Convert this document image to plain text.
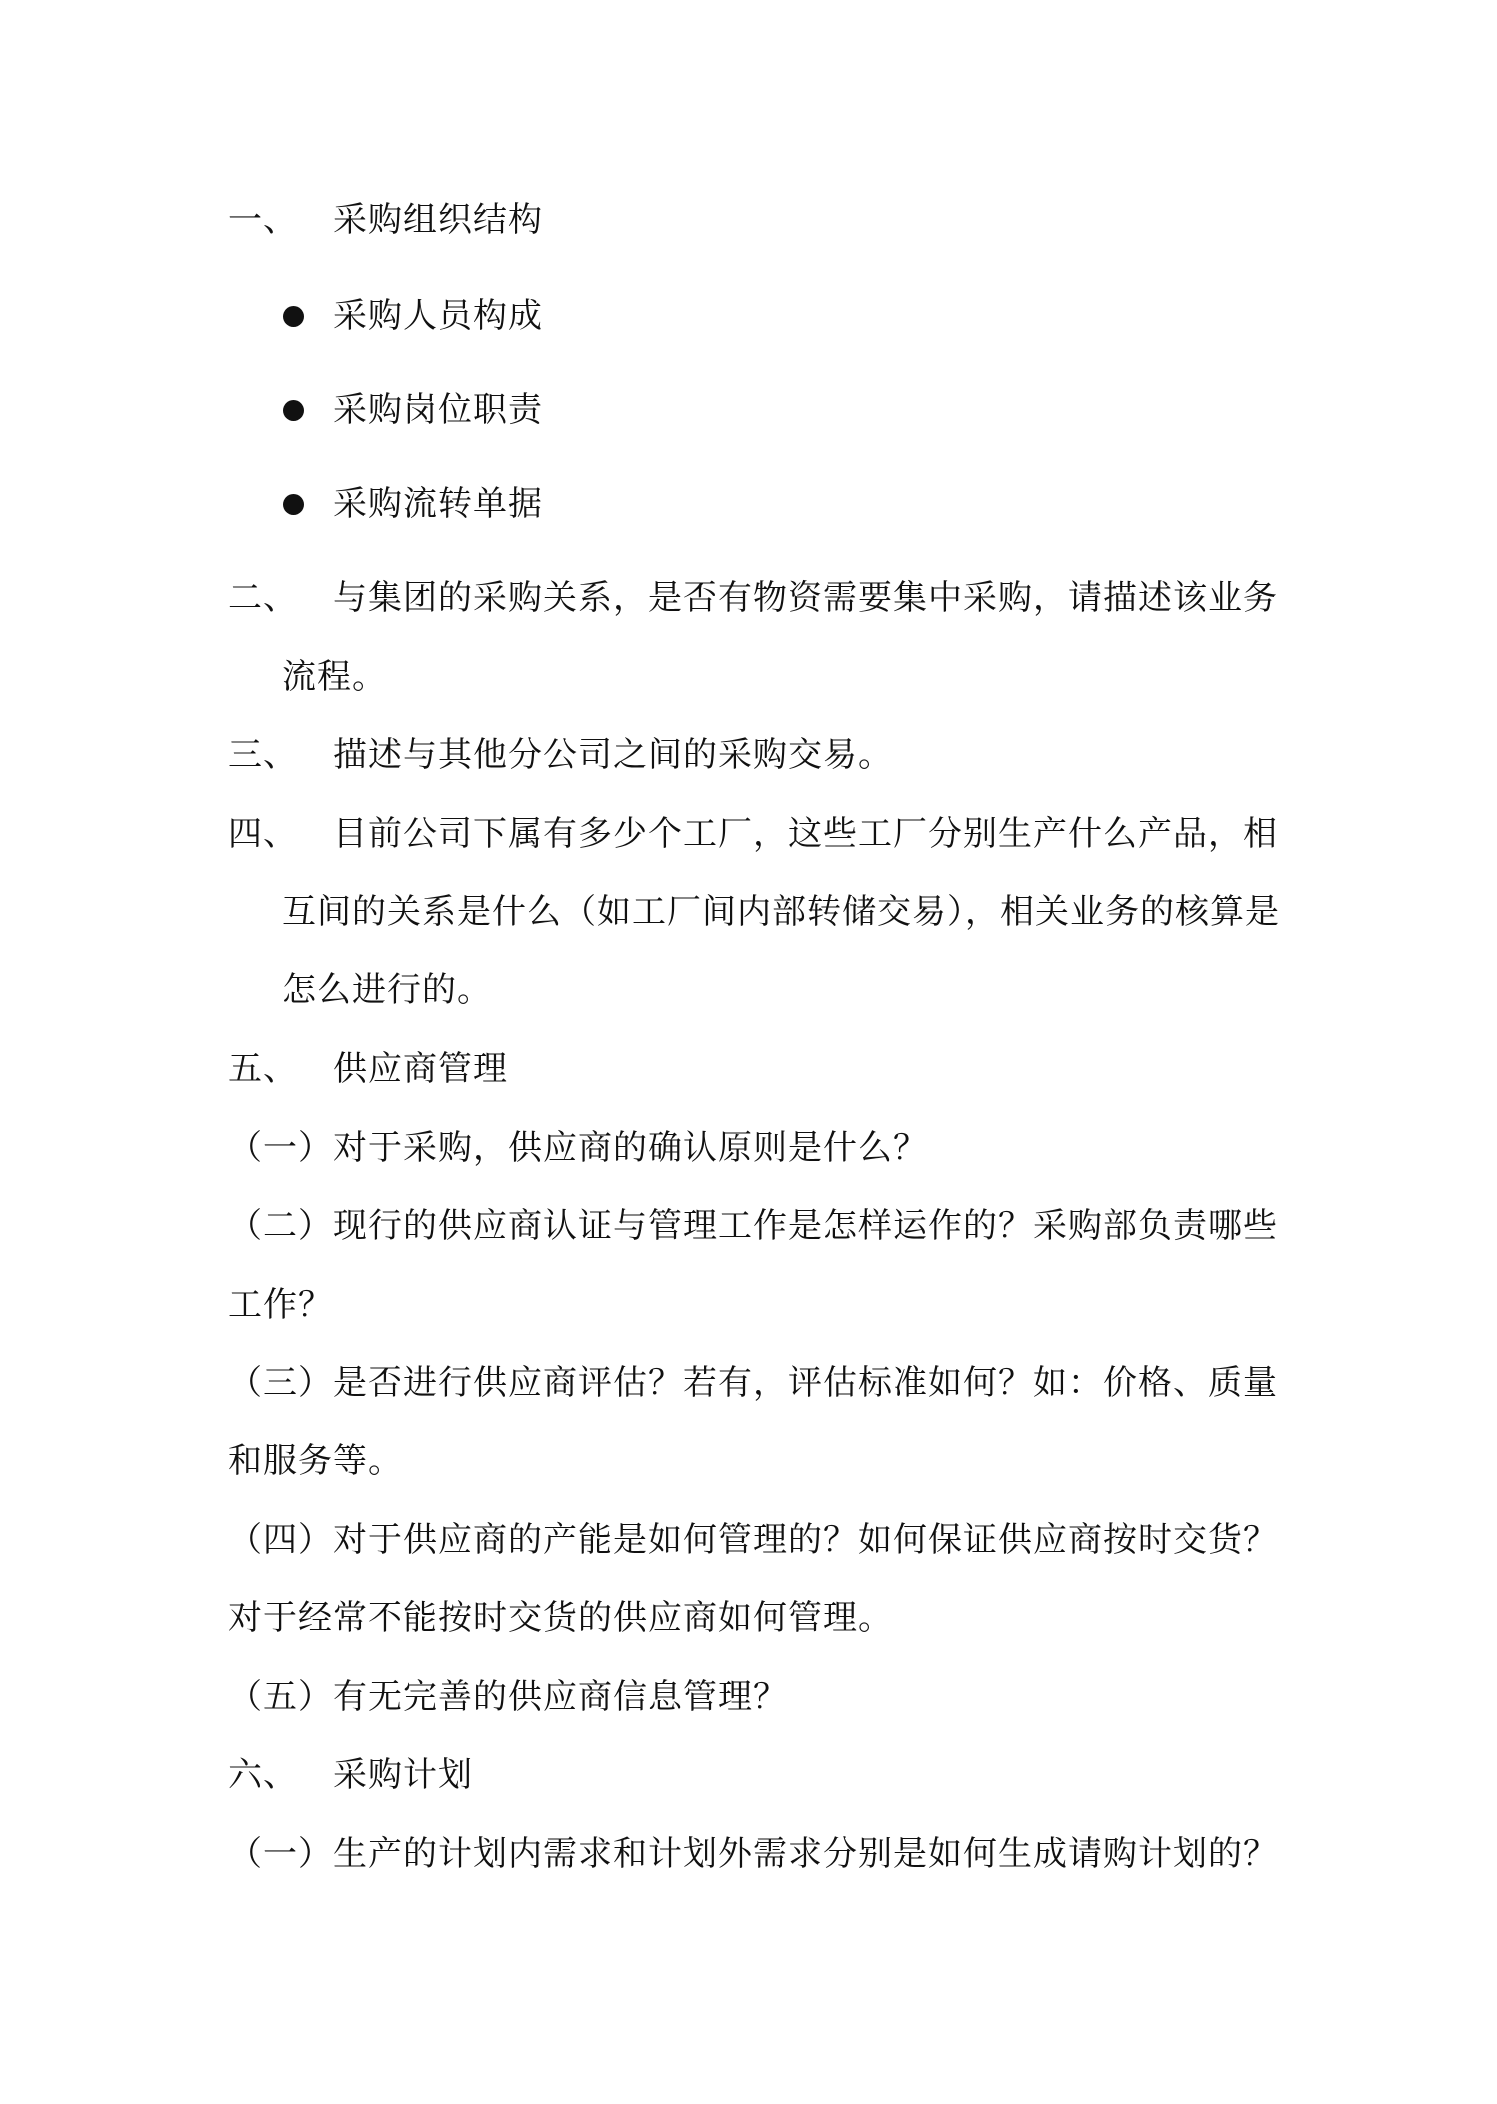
一、 采购组织结构
采购人员构成
采购岗位职责
采购流转单据
二、 与集团的采购关系，是否有物资需要集中采购，请描述该业务
流程。
三、 描述与其他分公司之间的采购交易。
四、 目前公司下属有多少个工厂，这些工厂分别生产什么产品，相
互间的关系是什么（如工厂间内部转储交易），相关业务的核算是
怎么进行的。
五、 供应商管理
（一）对于采购，供应商的确认原则是什么？
（二）现行的供应商认证与管理工作是怎样运作的？采购部负责哪些
工作？
（三）是否进行供应商评估？若有，评估标准如何？如：价格、质量
和服务等。
（四）对于供应商的产能是如何管理的？如何保证供应商按时交货？
对于经常不能按时交货的供应商如何管理。
（五）有无完善的供应商信息管理？
六、 采购计划
（一）生产的计划内需求和计划外需求分别是如何生成请购计划的？
